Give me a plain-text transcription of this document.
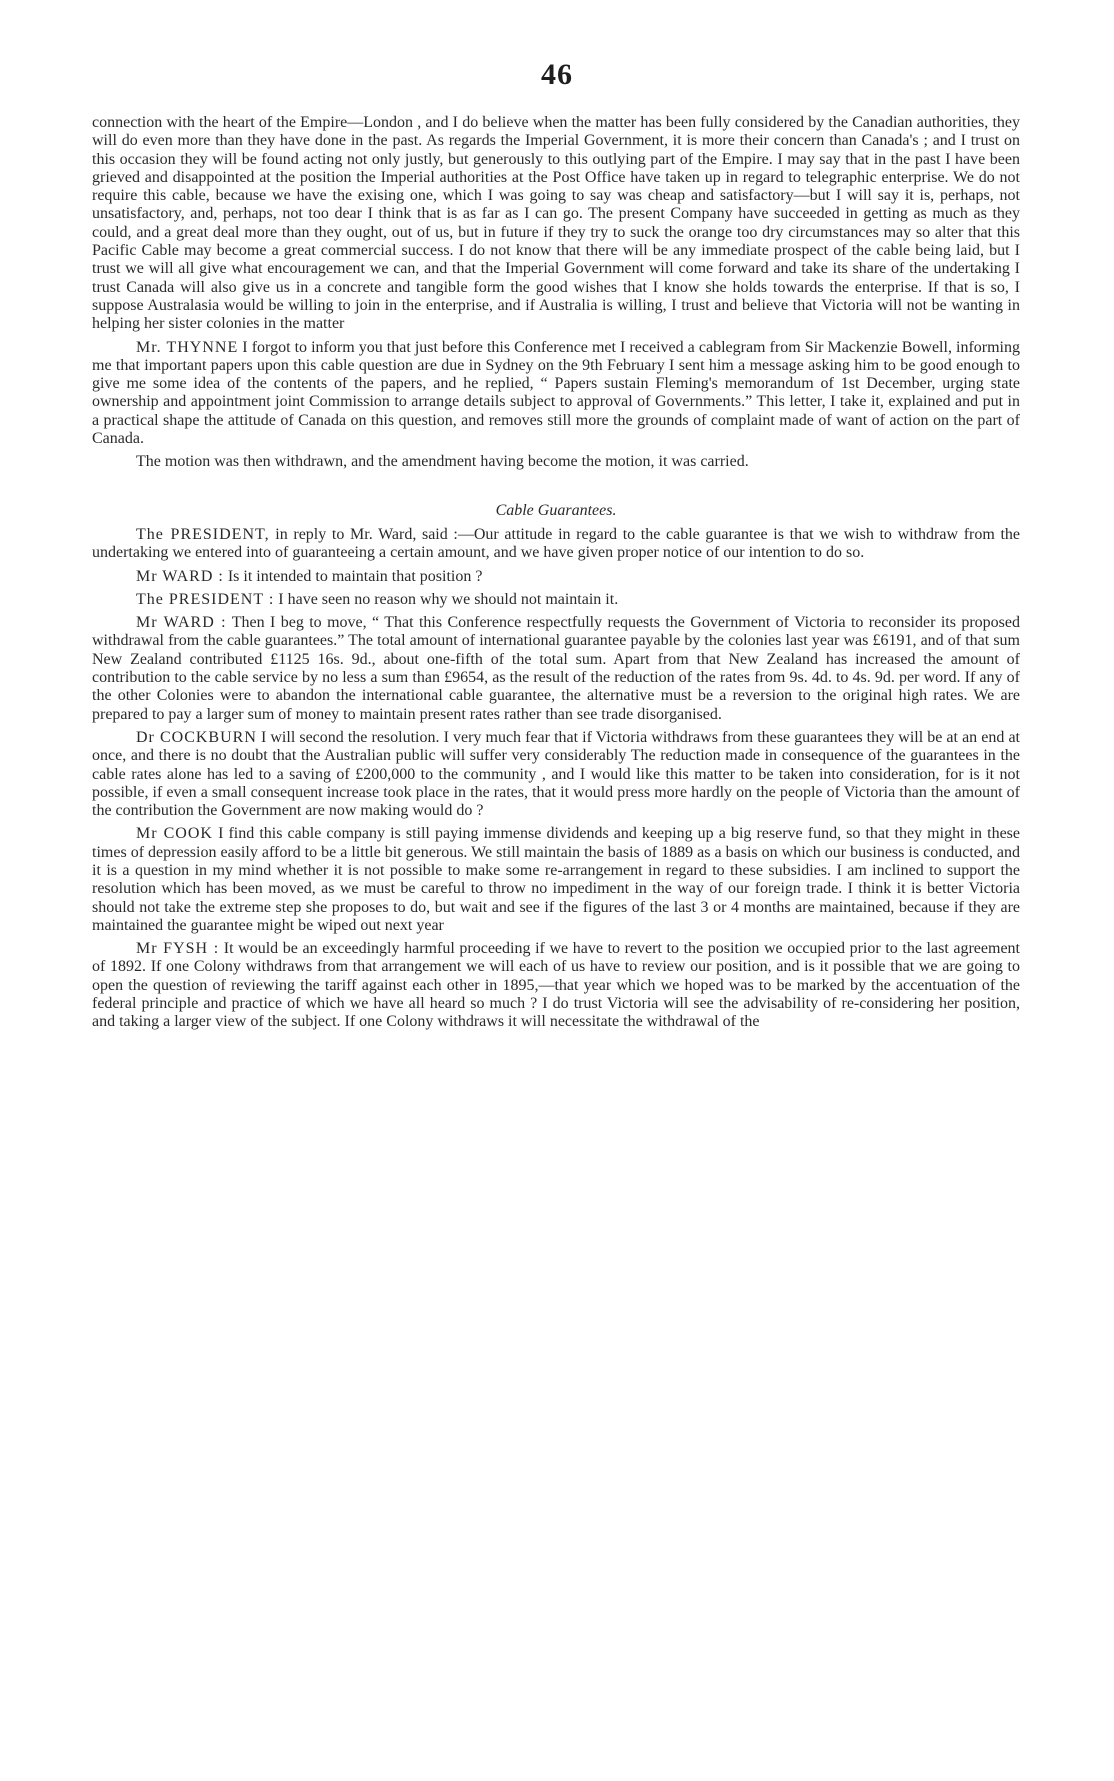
46

connection with the heart of the Empire—London , and I do believe when the matter has been fully considered by the Canadian authorities, they will do even more than they have done in the past. As regards the Imperial Government, it is more their concern than Canada's ; and I trust on this occasion they will be found acting not only justly, but generously to this outlying part of the Empire. I may say that in the past I have been grieved and disappointed at the position the Imperial authorities at the Post Office have taken up in regard to telegraphic enterprise. We do not require this cable, because we have the exising one, which I was going to say was cheap and satisfactory—but I will say it is, perhaps, not unsatisfactory, and, perhaps, not too dear I think that is as far as I can go. The present Company have succeeded in getting as much as they could, and a great deal more than they ought, out of us, but in future if they try to suck the orange too dry circumstances may so alter that this Pacific Cable may become a great commercial success. I do not know that there will be any immediate prospect of the cable being laid, but I trust we will all give what encouragement we can, and that the Imperial Government will come forward and take its share of the undertaking I trust Canada will also give us in a concrete and tangible form the good wishes that I know she holds towards the enterprise. If that is so, I suppose Australasia would be willing to join in the enterprise, and if Australia is willing, I trust and believe that Victoria will not be wanting in helping her sister colonies in the matter

Mr. THYNNE I forgot to inform you that just before this Conference met I received a cablegram from Sir Mackenzie Bowell, informing me that important papers upon this cable question are due in Sydney on the 9th February I sent him a message asking him to be good enough to give me some idea of the contents of the papers, and he replied, “ Papers sustain Fleming's memorandum of 1st December, urging state ownership and appointment joint Commission to arrange details subject to approval of Governments.” This letter, I take it, explained and put in a practical shape the attitude of Canada on this question, and removes still more the grounds of complaint made of want of action on the part of Canada.

The motion was then withdrawn, and the amendment having become the motion, it was carried.

Cable Guarantees.

The PRESIDENT, in reply to Mr. Ward, said :—Our attitude in regard to the cable guarantee is that we wish to withdraw from the undertaking we entered into of guaranteeing a certain amount, and we have given proper notice of our intention to do so.

Mr WARD : Is it intended to maintain that position ?

The PRESIDENT : I have seen no reason why we should not maintain it.

Mr WARD : Then I beg to move, “ That this Conference respectfully requests the Government of Victoria to reconsider its proposed withdrawal from the cable guarantees.” The total amount of international guarantee payable by the colonies last year was £6191, and of that sum New Zealand contributed £1125 16s. 9d., about one-fifth of the total sum. Apart from that New Zealand has increased the amount of contribution to the cable service by no less a sum than £9654, as the result of the reduction of the rates from 9s. 4d. to 4s. 9d. per word. If any of the other Colonies were to abandon the international cable guarantee, the alternative must be a reversion to the original high rates. We are prepared to pay a larger sum of money to maintain present rates rather than see trade disorganised.

Dr COCKBURN I will second the resolution. I very much fear that if Victoria withdraws from these guarantees they will be at an end at once, and there is no doubt that the Australian public will suffer very considerably The reduction made in consequence of the guarantees in the cable rates alone has led to a saving of £200,000 to the community , and I would like this matter to be taken into consideration, for is it not possible, if even a small consequent increase took place in the rates, that it would press more hardly on the people of Victoria than the amount of the contribution the Government are now making would do ?

Mr COOK I find this cable company is still paying immense dividends and keeping up a big reserve fund, so that they might in these times of depression easily afford to be a little bit generous. We still maintain the basis of 1889 as a basis on which our business is conducted, and it is a question in my mind whether it is not possible to make some re-arrangement in regard to these subsidies. I am inclined to support the resolution which has been moved, as we must be careful to throw no impediment in the way of our foreign trade. I think it is better Victoria should not take the extreme step she proposes to do, but wait and see if the figures of the last 3 or 4 months are maintained, because if they are maintained the guarantee might be wiped out next year

Mr FYSH : It would be an exceedingly harmful proceeding if we have to revert to the position we occupied prior to the last agreement of 1892. If one Colony withdraws from that arrangement we will each of us have to review our position, and is it possible that we are going to open the question of reviewing the tariff against each other in 1895,—that year which we hoped was to be marked by the accentuation of the federal principle and practice of which we have all heard so much ? I do trust Victoria will see the advisability of re-considering her position, and taking a larger view of the subject. If one Colony withdraws it will necessitate the withdrawal of the
